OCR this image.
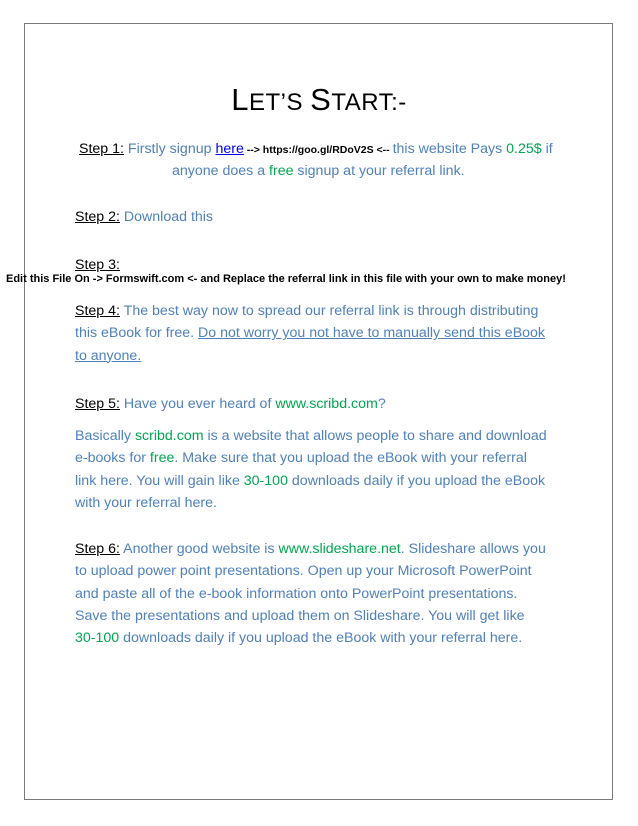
LET’S START:-
Step 1: Firstly signup here --> https://goo.gl/RDoV2S <-- this website Pays 0.25$ if
anyone does a free signup at your referral link.
Step 2: Download this
Step 3:
Edit this File On -> Formswift.com <- and Replace the referral link in this file with your own to make money!
Step 4: The best way now to spread our referral link is through distributing
this eBook for free. Do not worry you not have to manually send this eBook
to anyone.
Step 5: Have you ever heard of www.scribd.com?
Basically scribd.com is a website that allows people to share and download
e-books for free. Make sure that you upload the eBook with your referral
link here. You will gain like 30-100 downloads daily if you upload the eBook
with your referral here.
Step 6: Another good website is www.slideshare.net. Slideshare allows you
to upload power point presentations. Open up your Microsoft PowerPoint
and paste all of the e-book information onto PowerPoint presentations.
Save the presentations and upload them on Slideshare. You will get like
30-100 downloads daily if you upload the eBook with your referral here.
